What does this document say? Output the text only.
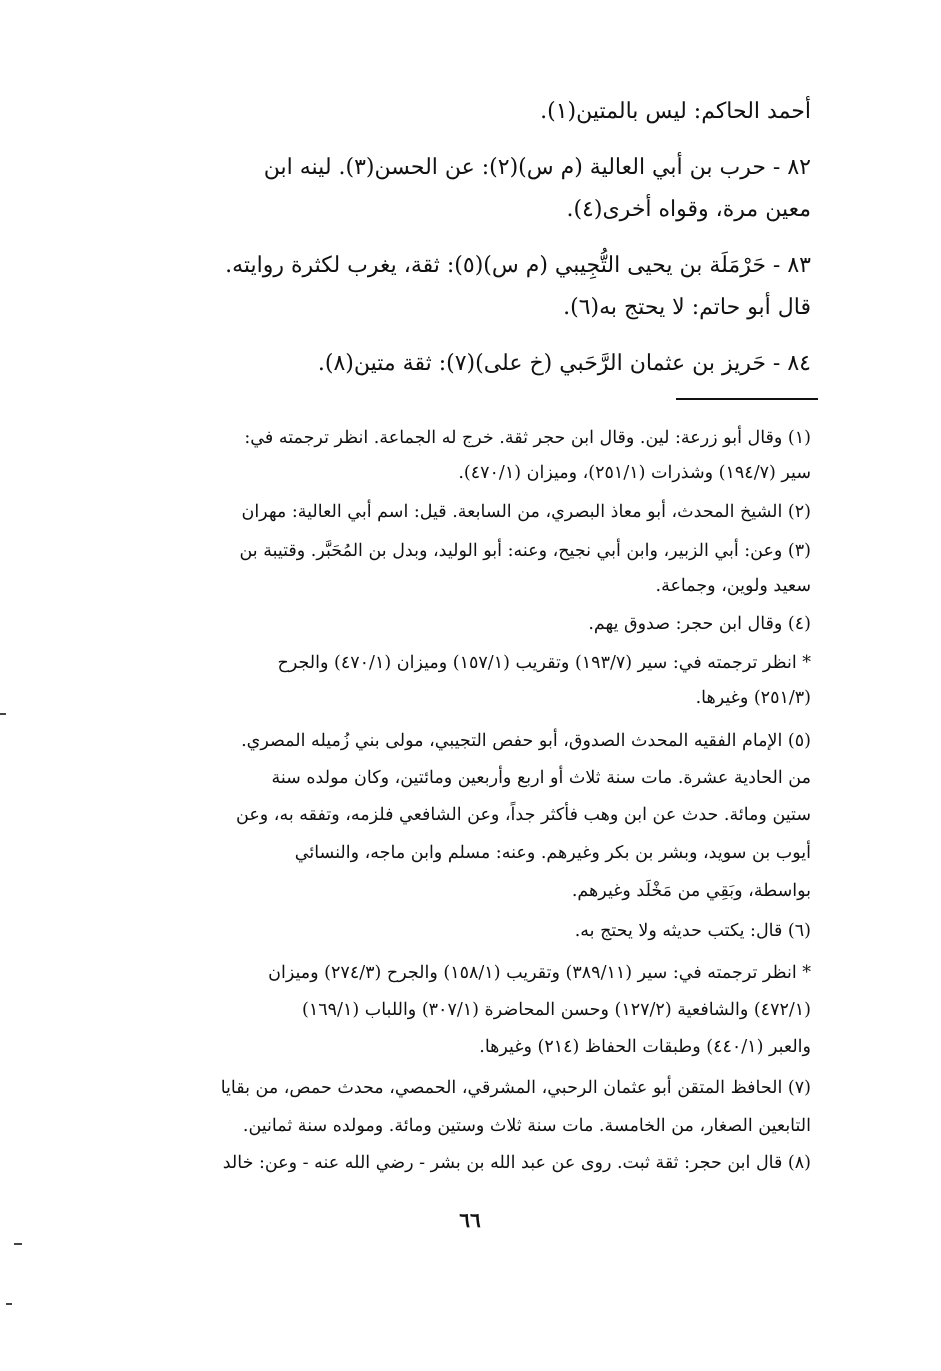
أحمد الحاكم: ليس بالمتين(١).
٨٢ - حرب بن أبي العالية (م س)(٢): عن الحسن(٣). لينه ابن
معين مرة، وقواه أخرى(٤).
٨٣ - حَرْمَلَة بن يحيى التُّجِيبي (م س)(٥): ثقة، يغرب لكثرة روايته.
قال أبو حاتم: لا يحتج به(٦).
٨٤ - حَريز بن عثمان الرَّحَبي (خ علی)(٧): ثقة متين(٨).
(١) وقال أبو زرعة: لين. وقال ابن حجر ثقة. خرج له الجماعة. انظر ترجمته في:
سير (١٩٤/٧) وشذرات (٢٥١/١)، وميزان (٤٧٠/١).
(٢) الشيخ المحدث، أبو معاذ البصري، من السابعة. قيل: اسم أبي العالية: مهران
(٣) وعن: أبي الزبير، وابن أبي نجيح، وعنه: أبو الوليد، وبدل بن المُحَبَّر. وقتيبة بن
سعيد ولوين، وجماعة.
(٤) وقال ابن حجر: صدوق يهم.
* انظر ترجمته في: سير (١٩٣/٧) وتقريب (١٥٧/١) وميزان (٤٧٠/١) والجرح
(٢٥١/٣) وغيرها.
(٥) الإمام الفقيه المحدث الصدوق، أبو حفص التجيبي، مولى بني زُميله المصري.
من الحادية عشرة. مات سنة ثلاث أو اربع وأربعين ومائتين، وكان مولده سنة
ستين ومائة. حدث عن ابن وهب فأكثر جداً، وعن الشافعي فلزمه، وتفقه به، وعن
أيوب بن سويد، وبشر بن بكر وغيرهم. وعنه: مسلم وابن ماجه، والنسائي
بواسطة، وبَقِي من مَخْلَد وغيرهم.
(٦) قال: يكتب حديثه ولا يحتج به.
* انظر ترجمته في: سير (٣٨٩/١١) وتقريب (١٥٨/١) والجرح (٢٧٤/٣) وميزان
(٤٧٢/١) والشافعية (١٢٧/٢) وحسن المحاضرة (٣٠٧/١) واللباب (١٦٩/١)
والعبر (٤٤٠/١) وطبقات الحفاظ (٢١٤) وغيرها.
(٧) الحافظ المتقن أبو عثمان الرحبي، المشرقي، الحمصي، محدث حمص، من بقايا
التابعين الصغار، من الخامسة. مات سنة ثلاث وستين ومائة. ومولده سنة ثمانين.
(٨) قال ابن حجر: ثقة ثبت. روى عن عبد الله بن بشر - رضي الله عنه - وعن: خالد
٦٦
